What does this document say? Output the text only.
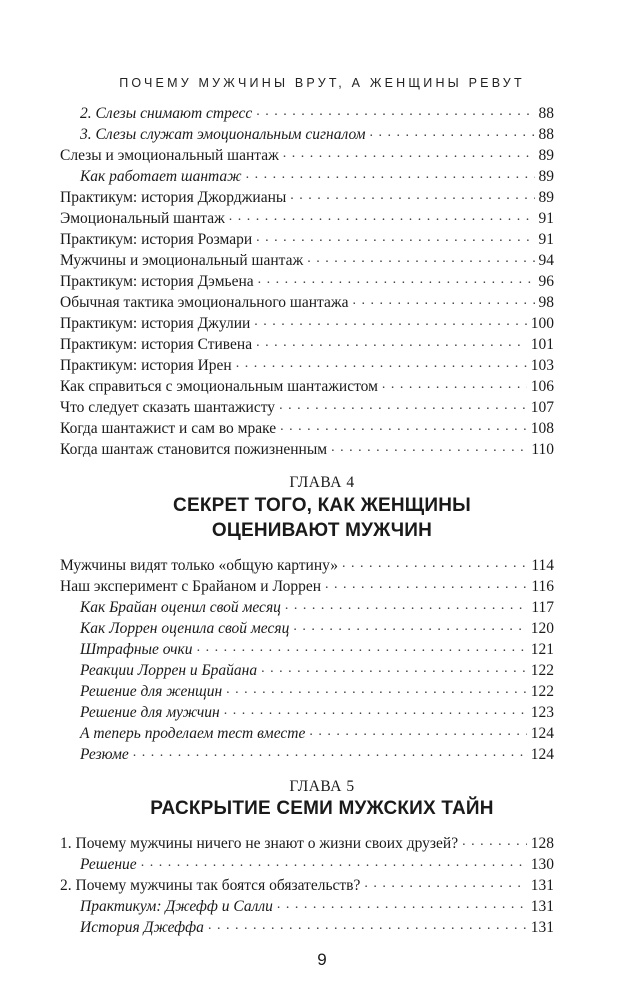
ПОЧЕМУ МУЖЧИНЫ ВРУТ, А ЖЕНЩИНЫ РЕВУТ
2. Слезы снимают стресс . . .	88
3. Слезы служат эмоциональным сигналом . . .	88
Слезы и эмоциональный шантаж . . .	89
Как работает шантаж . . .	89
Практикум: история Джорджианы . . .	89
Эмоциональный шантаж . . .	91
Практикум: история Розмари . . .	91
Мужчины и эмоциональный шантаж . . .	94
Практикум: история Дэмьена . . .	96
Обычная тактика эмоционального шантажа . . .	98
Практикум: история Джулии . . .	100
Практикум: история Стивена . . .	101
Практикум: история Ирен . . .	103
Как справиться с эмоциональным шантажистом . . .	106
Что следует сказать шантажисту . . .	107
Когда шантажист и сам во мраке . . .	108
Когда шантаж становится пожизненным . . .	110
ГЛАВА 4
СЕКРЕТ ТОГО, КАК ЖЕНЩИНЫ
ОЦЕНИВАЮТ МУЖЧИН
Мужчины видят только «общую картину» . . .	114
Наш эксперимент с Брайаном и Лоррен . . .	116
Как Брайан оценил свой месяц . . .	117
Как Лоррен оценила свой месяц . . .	120
Штрафные очки . . .	121
Реакции Лоррен и Брайана . . .	122
Решение для женщин . . .	122
Решение для мужчин . . .	123
А теперь проделаем тест вместе . . .	124
Резюме . . .	124
ГЛАВА 5
РАСКРЫТИЕ СЕМИ МУЖСКИХ ТАЙН
1. Почему мужчины ничего не знают о жизни своих друзей? . . .	128
Решение . . .	130
2. Почему мужчины так боятся обязательств? . . .	131
Практикум: Джефф и Салли . . .	131
История Джеффа . . .	131
9
